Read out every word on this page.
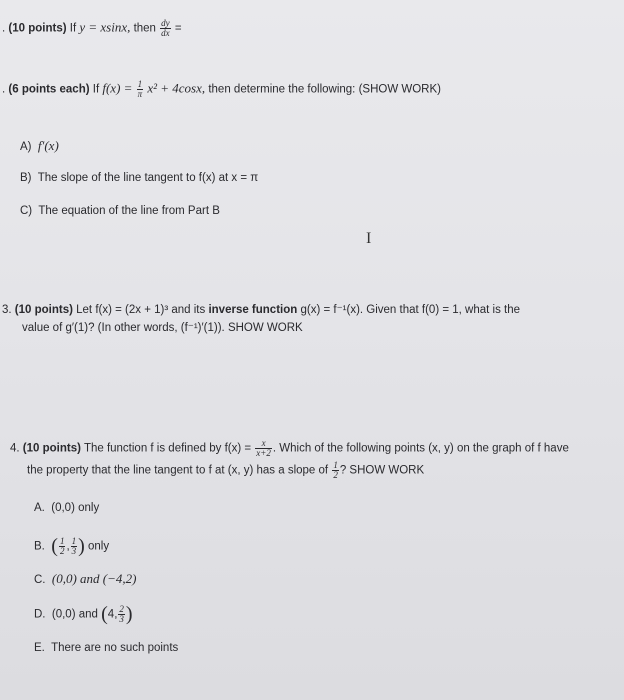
. (10 points) If y = xsinx, then $\frac{dy}{dx}$ =
. (6 points each) If $f(x) = \frac{1}{\pi} x^2 + 4\cos x$, then determine the following: (SHOW WORK)
A) f′(x)
B) The slope of the line tangent to f(x) at x = π
C) The equation of the line from Part B
I
3. (10 points) Let f(x) = (2x + 1)³ and its inverse function g(x) = f⁻¹(x). Given that f(0) = 1, what is the
value of g′(1)? (In other words, (f⁻¹)′(1)). SHOW WORK
4. (10 points) The function f is defined by $f(x) = \frac{x}{x+2}$ . Which of the following points (x, y) on the graph of f have
the property that the line tangent to f at (x, y) has a slope of $\frac{1}{2}$ ? SHOW WORK
A. (0,0) only
B. ( $\frac{1}{2}$ , $\frac{1}{3}$ ) only
C. (0,0) and (−4,2)
D. (0,0) and (4, $\frac{2}{3}$ )
E. There are no such points
